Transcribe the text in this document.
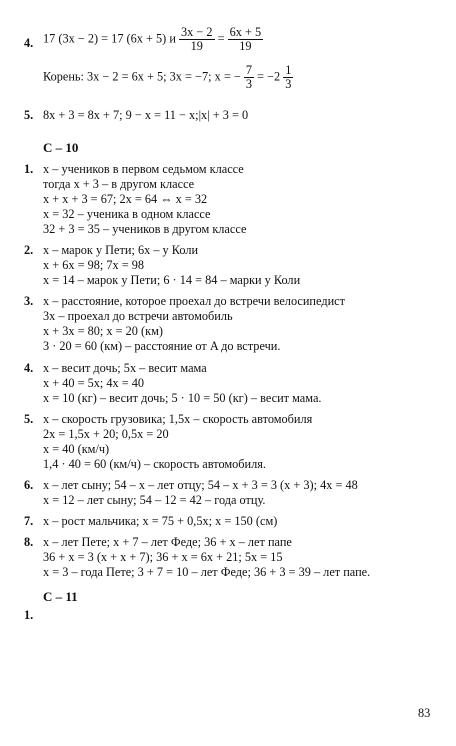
4. 17 (3x − 2) = 17 (6x + 5) и $\frac{3x - 2}{19} = \frac{6x + 5}{19}$
Корень: 3x − 2 = 6x + 5; 3x = −7; x = − $\frac{7}{3} = -2 \frac{1}{3}$
5. 8x + 3 = 8x + 7; 9 − x = 11 − x;|x| + 3 = 0
С – 10
1. x – учеников в первом седьмом классе
тогда x + 3 – в другом классе
x + x + 3 = 67; 2x = 64 ⇔ x = 32
x = 32 – ученика в одном классе
32 + 3 = 35 – учеников в другом классе
2. x – марок у Пети; 6x – у Коли
x + 6x = 98; 7x = 98
x = 14 – марок у Пети; 6 · 14 = 84 – марки у Коли
3. x – расстояние, которое проехал до встречи велосипедист
3x – проехал до встречи автомобиль
x + 3x = 80; x = 20 (км)
3 · 20 = 60 (км) – расстояние от A до встречи.
4. x – весит дочь; 5x – весит мама
x + 40 = 5x; 4x = 40
x = 10 (кг) – весит дочь; 5 · 10 = 50 (кг) – весит мама.
5. x – скорость грузовика; 1,5x – скорость автомобиля
2x = 1,5x + 20; 0,5x = 20
x = 40 (км/ч)
1,4 · 40 = 60 (км/ч) – скорость автомобиля.
6. x – лет сыну; 54 – x – лет отцу; 54 – x + 3 = 3 (x + 3); 4x = 48
x = 12 – лет сыну; 54 – 12 = 42 – года отцу.
7. x – рост мальчика; x = 75 + 0,5x; x = 150 (см)
8. x – лет Пете; x + 7 – лет Феде; 36 + x – лет папе
36 + x = 3 (x + x + 7); 36 + x = 6x + 21; 5x = 15
x = 3 – года Пете; 3 + 7 = 10 – лет Феде; 36 + 3 = 39 – лет папе.
С – 11
1.
83
